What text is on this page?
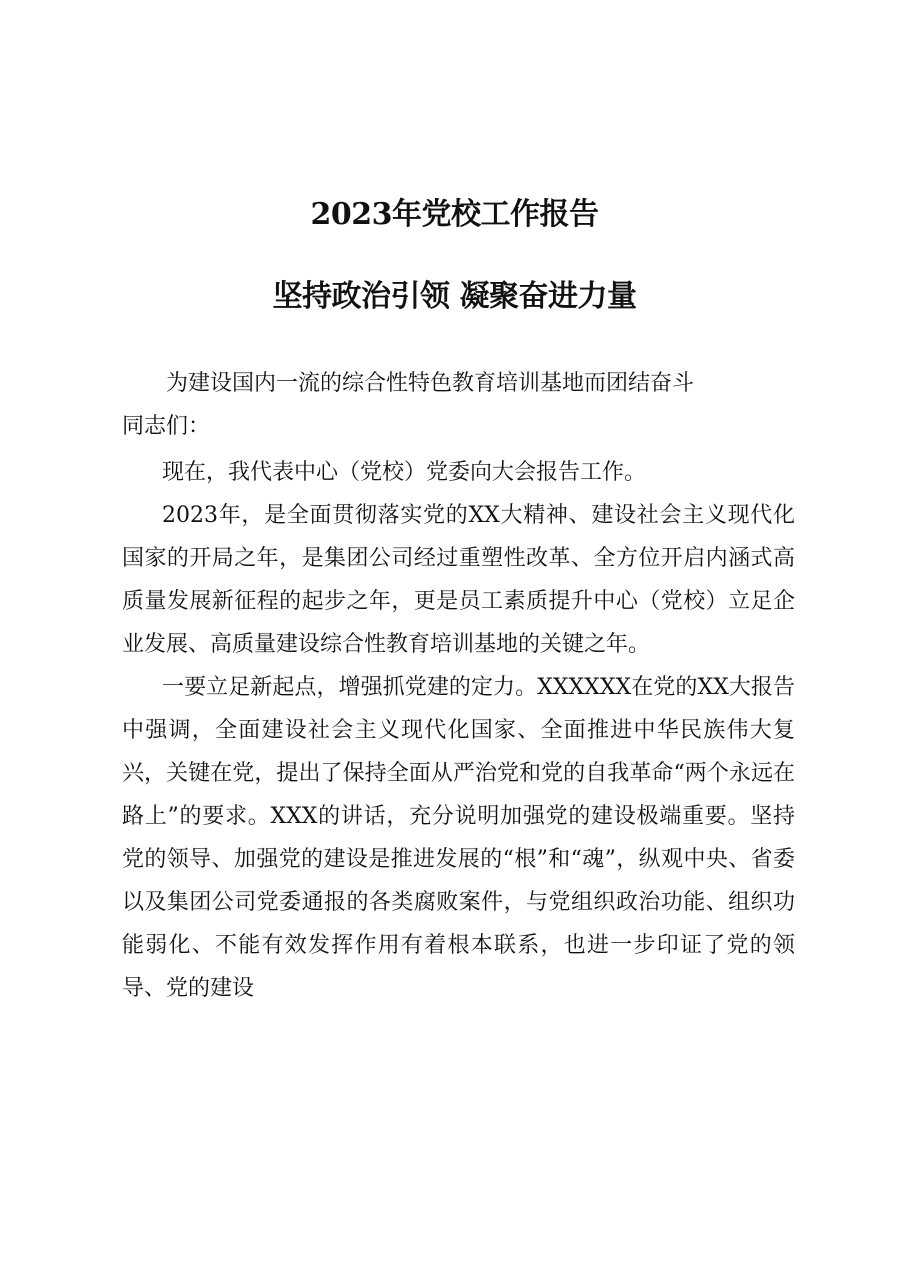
2023年党校工作报告
坚持政治引领 凝聚奋进力量

为建设国内一流的综合性特色教育培训基地而团结奋斗

同志们：

现在，我代表中心（党校）党委向大会报告工作。

2023年，是全面贯彻落实党的XX大精神、建设社会主义现代化国家的开局之年，是集团公司经过重塑性改革、全方位开启内涵式高质量发展新征程的起步之年，更是员工素质提升中心（党校）立足企业发展、高质量建设综合性教育培训基地的关键之年。

一要立足新起点，增强抓党建的定力。XXXXXX在党的XX大报告中强调，全面建设社会主义现代化国家、全面推进中华民族伟大复兴，关键在党，提出了保持全面从严治党和党的自我革命“两个永远在路上”的要求。XXX的讲话，充分说明加强党的建设极端重要。坚持党的领导、加强党的建设是推进发展的“根”和“魂”，纵观中央、省委以及集团公司党委通报的各类腐败案件，与党组织政治功能、组织功能弱化、不能有效发挥作用有着根本联系，也进一步印证了党的领导、党的建设
